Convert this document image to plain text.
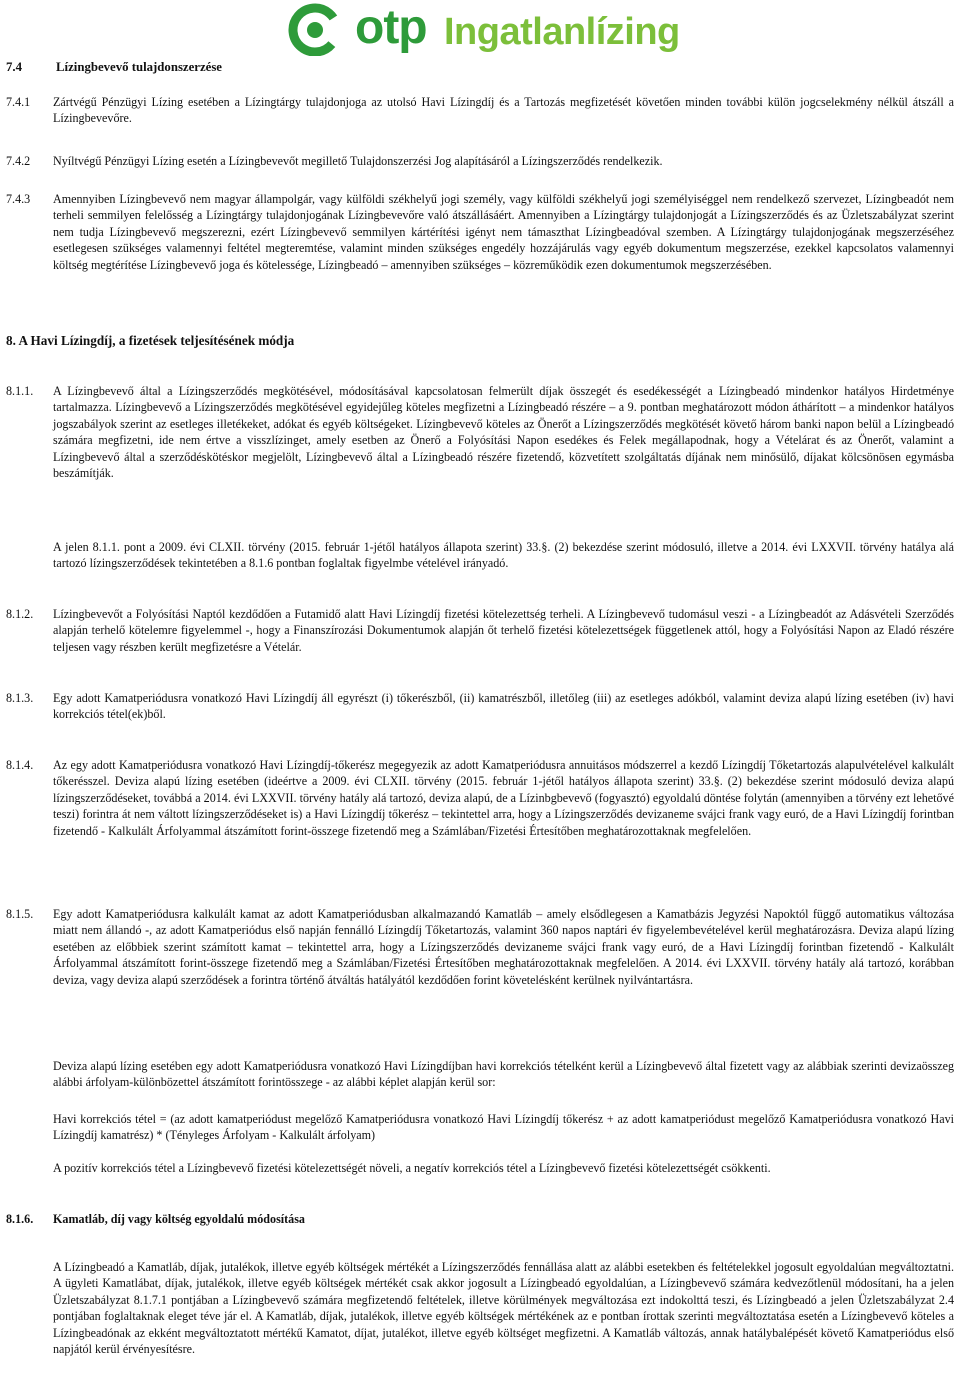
otp Ingatlanlízing
7.4	Lízingbevevő tulajdonszerzése
7.4.1 Zártvégű Pénzügyi Lízing esetében a Lízingtárgy tulajdonjoga az utolsó Havi Lízingdíj és a Tartozás megfizetését követően minden további külön jogcselekmény nélkül átszáll a Lízingbevevőre.
7.4.2 Nyíltvégű Pénzügyi Lízing esetén a Lízingbevevőt megillető Tulajdonszerzési Jog alapításáról a Lízingszerződés rendelkezik.
7.4.3 Amennyiben Lízingbevevő nem magyar állampolgár, vagy külföldi székhelyű jogi személy, vagy külföldi székhelyű jogi személyiséggel nem rendelkező szervezet, Lízingbeadót nem terheli semmilyen felelősség a Lízingtárgy tulajdonjogának Lízingbevevőre való átszállásáért. Amennyiben a Lízingtárgy tulajdonjogát a Lízingszerződés és az Üzletszabályzat szerint nem tudja Lízingbevevő megszerezni, ezért Lízingbevevő semmilyen kártérítési igényt nem támaszthat Lízingbeadóval szemben. A Lízingtárgy tulajdonjogának megszerzéséhez esetlegesen szükséges valamennyi feltétel megteremtése, valamint minden szükséges engedély hozzájárulás vagy egyéb dokumentum megszerzése, ezekkel kapcsolatos valamennyi költség megtérítése Lízingbevevő joga és kötelessége, Lízingbeadó – amennyiben szükséges – közreműködik ezen dokumentumok megszerzésében.
8. A Havi Lízingdíj, a fizetések teljesítésének módja
8.1.1. A Lízingbevevő által a Lízingszerződés megkötésével, módosításával kapcsolatosan felmerült díjak összegét és esedékességét a Lízingbeadó mindenkor hatályos Hirdetménye tartalmazza. Lízingbevevő a Lízingszerződés megkötésével egyidejűleg köteles megfizetni a Lízingbeadó részére – a 9. pontban meghatározott módon áthárított – a mindenkor hatályos jogszabályok szerint az esetleges illetékeket, adókat és egyéb költségeket. Lízingbevevő köteles az Önerőt a Lízingszerződés megkötését követő három banki napon belül a Lízingbeadó számára megfizetni, ide nem értve a visszlízinget, amely esetben az Önerő a Folyósítási Napon esedékes és Felek megállapodnak, hogy a Vételárat és az Önerőt, valamint a Lízingbevevő által a szerződéskötéskor megjelölt, Lízingbevevő által a Lízingbeadó részére fizetendő, közvetített szolgáltatás díjának nem minősülő, díjakat kölcsönösen egymásba beszámítják.
A jelen 8.1.1. pont a 2009. évi CLXII. törvény (2015. február 1-jétől hatályos állapota szerint) 33.§. (2) bekezdése szerint módosuló, illetve a 2014. évi LXXVII. törvény hatálya alá tartozó lízingszerződések tekintetében a 8.1.6 pontban foglaltak figyelmbe vételével irányadó.
8.1.2. Lízingbevevőt a Folyósítási Naptól kezdődően a Futamidő alatt Havi Lízingdíj fizetési kötelezettség terheli. A Lízingbevevő tudomásul veszi - a Lízingbeadót az Adásvételi Szerződés alapján terhelő kötelemre figyelemmel -, hogy a Finanszírozási Dokumentumok alapján őt terhelő fizetési kötelezettségek függetlenek attól, hogy a Folyósítási Napon az Eladó részére teljesen vagy részben került megfizetésre a Vételár.
8.1.3. Egy adott Kamatperiódusra vonatkozó Havi Lízingdíj áll egyrészt (i) tőkerészből, (ii) kamatrészből, illetőleg (iii) az esetleges adókból, valamint deviza alapú lízing esetében (iv) havi korrekciós tétel(ek)ből.
8.1.4. Az egy adott Kamatperiódusra vonatkozó Havi Lízingdíj-tőkerész megegyezik az adott Kamatperiódusra annuitásos módszerrel a kezdő Lízingdíj Tőketartozás alapulvételével kalkulált tőkerésszel. Deviza alapú lízing esetében (ideértve a 2009. évi CLXII. törvény (2015. február 1-jétől hatályos állapota szerint) 33.§. (2) bekezdése szerint módosuló deviza alapú lízingszerződéseket, továbbá a 2014. évi LXXVII. törvény hatály alá tartozó, deviza alapú, de a Lízinbgbevevő (fogyasztó) egyoldalú döntése folytán (amennyiben a törvény ezt lehetővé teszi) forintra át nem váltott lízingszerződéseket is) a Havi Lízingdíj tőkerész – tekintettel arra, hogy a Lízingszerződés devizaneme svájci frank vagy euró, de a Havi Lízingdíj forintban fizetendő - Kalkulált Árfolyammal átszámított forint-összege fizetendő meg a Számlában/Fizetési Értesítőben meghatározottaknak megfelelően.
8.1.5. Egy adott Kamatperiódusra kalkulált kamat az adott Kamatperiódusban alkalmazandó Kamatláb – amely elsődlegesen a Kamatbázis Jegyzési Napoktól függő automatikus változása miatt nem állandó -, az adott Kamatperiódus első napján fennálló Lízingdíj Tőketartozás, valamint 360 napos naptári év figyelembevételével kerül meghatározásra. Deviza alapú lízing esetében az előbbiek szerint számított kamat – tekintettel arra, hogy a Lízingszerződés devizaneme svájci frank vagy euró, de a Havi Lízingdíj forintban fizetendő - Kalkulált Árfolyammal átszámított forint-összege fizetendő meg a Számlában/Fizetési Értesítőben meghatározottaknak megfelelően. A 2014. évi LXXVII. törvény hatály alá tartozó, korábban deviza, vagy deviza alapú szerződések a forintra történő átváltás hatályától kezdődően forint követelésként kerülnek nyilvántartásra.
Deviza alapú lízing esetében egy adott Kamatperiódusra vonatkozó Havi Lízingdíjban havi korrekciós tételként kerül a Lízingbevevő által fizetett vagy az alábbiak szerinti devizaösszeg alábbi árfolyam-különbözettel átszámított forintösszege - az alábbi képlet alapján kerül sor:
Havi korrekciós tétel = (az adott kamatperiódust megelőző Kamatperiódusra vonatkozó Havi Lízingdíj tőkerész + az adott kamatperiódust megelőző Kamatperiódusra vonatkozó Havi Lízingdíj kamatrész) * (Tényleges Árfolyam - Kalkulált árfolyam)
A pozitív korrekciós tétel a Lízingbevevő fizetési kötelezettségét növeli, a negatív korrekciós tétel a Lízingbevevő fizetési kötelezettségét csökkenti.
8.1.6. Kamatláb, díj vagy költség egyoldalú módosítása
A Lízingbeadó a Kamatláb, díjak, jutalékok, illetve egyéb költségek mértékét a Lízingszerződés fennállása alatt az alábbi esetekben és feltételekkel jogosult egyoldalúan megváltoztatni. A ügyleti Kamatlábat, díjak, jutalékok, illetve egyéb költségek mértékét csak akkor jogosult a Lízingbeadó egyoldalúan, a Lízingbevevő számára kedvezőtlenül módosítani, ha a jelen Üzletszabályzat 8.1.7.1 pontjában a Lízingbevevő számára megfizetendő feltételek, illetve körülmények megváltozása ezt indokolttá teszi, és Lízingbeadó a jelen Üzletszabályzat 2.4 pontjában foglaltaknak eleget téve jár el. A Kamatláb, díjak, jutalékok, illetve egyéb költségek mértékének az e pontban írottak szerinti megváltoztatása esetén a Lízingbevevő köteles a Lízingbeadónak az ekként megváltoztatott mértékű Kamatot, díjat, jutalékot, illetve egyéb költséget megfizetni. A Kamatláb változás, annak hatálybalépését követő Kamatperiódus első napjától kerül érvényesítésre.
